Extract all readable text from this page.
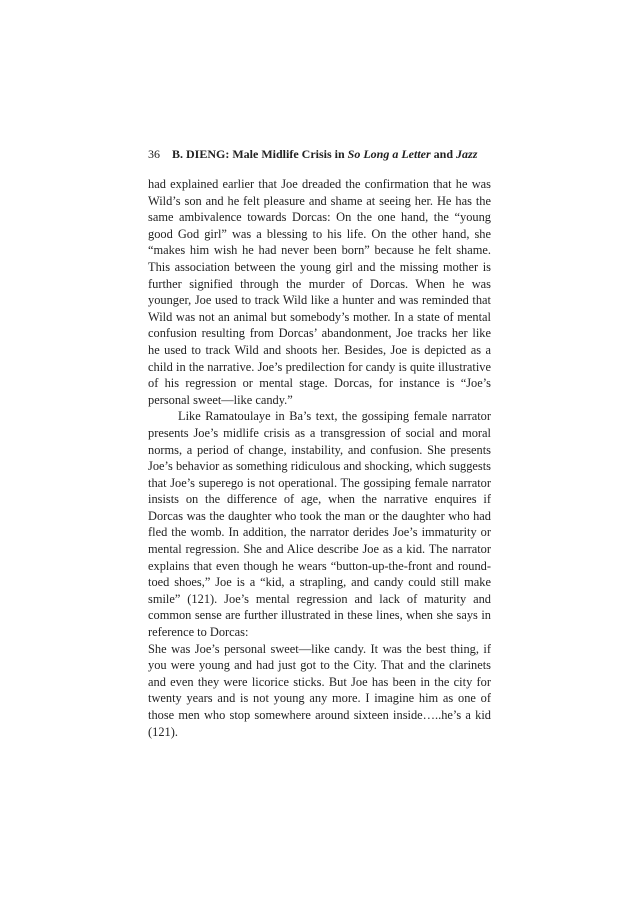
36 B. DIENG: Male Midlife Crisis in So Long a Letter and Jazz

had explained earlier that Joe dreaded the confirmation that he was Wild’s son and he felt pleasure and shame at seeing her. He has the same ambivalence towards Dorcas: On the one hand, the “young good God girl” was a blessing to his life. On the other hand, she “makes him wish he had never been born” because he felt shame. This association between the young girl and the missing mother is further signified through the murder of Dorcas. When he was younger, Joe used to track Wild like a hunter and was reminded that Wild was not an animal but somebody’s mother. In a state of mental confusion resulting from Dorcas’ abandonment, Joe tracks her like he used to track Wild and shoots her. Besides, Joe is depicted as a child in the narrative. Joe’s predilection for candy is quite illustrative of his regression or mental stage. Dorcas, for instance is “Joe’s personal sweet—like candy.”

Like Ramatoulaye in Ba’s text, the gossiping female narrator presents Joe’s midlife crisis as a transgression of social and moral norms, a period of change, instability, and confusion. She presents Joe’s behavior as something ridiculous and shocking, which suggests that Joe’s superego is not operational. The gossiping female narrator insists on the difference of age, when the narrative enquires if Dorcas was the daughter who took the man or the daughter who had fled the womb. In addition, the narrator derides Joe’s immaturity or mental regression. She and Alice describe Joe as a kid. The narrator explains that even though he wears “button-up-the-front and round-toed shoes,” Joe is a “kid, a strapling, and candy could still make smile” (121). Joe’s mental regression and lack of maturity and common sense are further illustrated in these lines, when she says in reference to Dorcas:

She was Joe’s personal sweet—like candy. It was the best thing, if you were young and had just got to the City. That and the clarinets and even they were licorice sticks. But Joe has been in the city for twenty years and is not young any more. I imagine him as one of those men who stop somewhere around sixteen inside…..he’s a kid (121).
